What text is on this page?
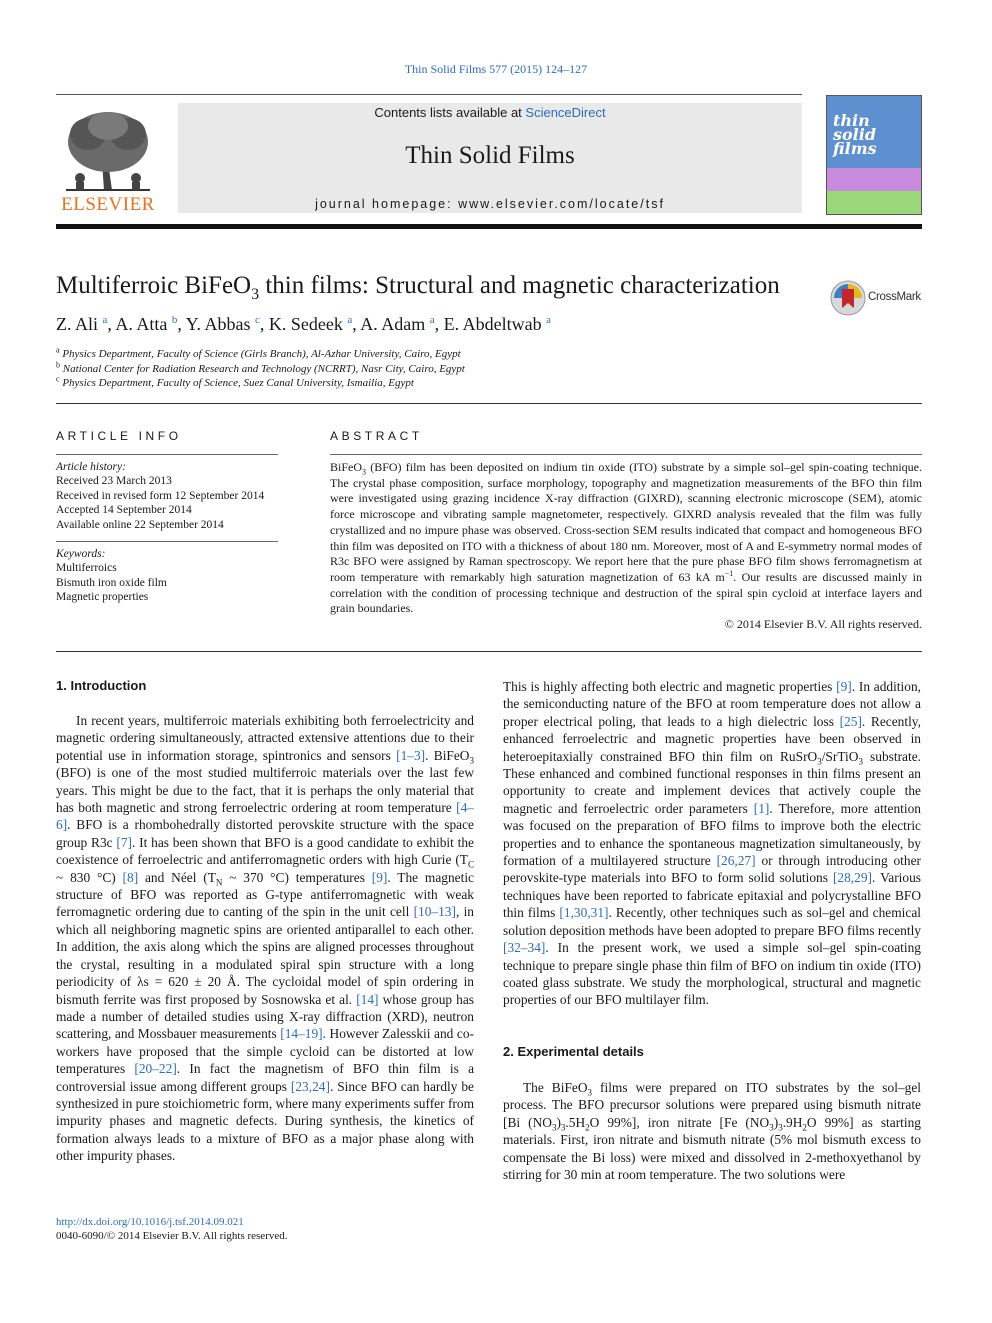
Thin Solid Films 577 (2015) 124–127
ELSEVIER
Contents lists available at ScienceDirect
Thin Solid Films
journal homepage: www.elsevier.com/locate/tsf
thin solid films
Multiferroic BiFeO$_3$ thin films: Structural and magnetic characterization	CrossMark
Z. Ali $^a$, A. Atta $^b$, Y. Abbas $^c$, K. Sedeek $^a$, A. Adam $^a$, E. Abdeltwab $^a$
$^a$ Physics Department, Faculty of Science (Girls Branch), Al-Azhar University, Cairo, Egypt
$^b$ National Center for Radiation Research and Technology (NCRRT), Nasr City, Cairo, Egypt
$^c$ Physics Department, Faculty of Science, Suez Canal University, Ismailia, Egypt
ARTICLE INFO
Article history:
Received 23 March 2013
Received in revised form 12 September 2014
Accepted 14 September 2014
Available online 22 September 2014
Keywords:
Multiferroics
Bismuth iron oxide film
Magnetic properties
ABSTRACT
BiFeO$_3$ (BFO) film has been deposited on indium tin oxide (ITO) substrate by a simple sol–gel spin-coating technique. The crystal phase composition, surface morphology, topography and magnetization measurements of the BFO thin film were investigated using grazing incidence X-ray diffraction (GIXRD), scanning electronic microscope (SEM), atomic force microscope and vibrating sample magnetometer, respectively. GIXRD analysis revealed that the film was fully crystallized and no impure phase was observed. Cross-section SEM results indicated that compact and homogeneous BFO thin film was deposited on ITO with a thickness of about 180 nm. Moreover, most of A and E-symmetry normal modes of R3c BFO were assigned by Raman spectroscopy. We report here that the pure phase BFO film shows ferromagnetism at room temperature with remarkably high saturation magnetization of 63 kA $m^{-1}$. Our results are discussed mainly in correlation with the condition of processing technique and destruction of the spiral spin cycloid at interface layers and grain boundaries.
© 2014 Elsevier B.V. All rights reserved.
1. Introduction

In recent years, multiferroic materials exhibiting both ferroelectricity and magnetic ordering simultaneously, attracted extensive attentions due to their potential use in information storage, spintronics and sensors [1–3]. BiFeO$_3$ (BFO) is one of the most studied multiferroic materials over the last few years. This might be due to the fact, that it is perhaps the only material that has both magnetic and strong ferroelectric ordering at room temperature [4–6]. BFO is a rhombohedrally distorted perovskite structure with the space group R3c [7]. It has been shown that BFO is a good candidate to exhibit the coexistence of ferroelectric and antiferromagnetic orders with high Curie ($T_C$ ~ 830 °C) [8] and Néel ($T_N$ ~ 370 °C) temperatures [9]. The magnetic structure of BFO was reported as G-type antiferromagnetic with weak ferromagnetic ordering due to canting of the spin in the unit cell [10–13], in which all neighboring magnetic spins are oriented antiparallel to each other. In addition, the axis along which the spins are aligned processes throughout the crystal, resulting in a modulated spiral spin structure with a long periodicity of λs = 620 ± 20 Å. The cycloidal model of spin ordering in bismuth ferrite was first proposed by Sosnowska et al. [14] whose group has made a number of detailed studies using X-ray diffraction (XRD), neutron scattering, and Mossbauer measurements [14–19]. However Zalesskii and co-workers have proposed that the simple cycloid can be distorted at low temperatures [20–22]. In fact the magnetism of BFO thin film is a controversial issue among different groups [23,24]. Since BFO can hardly be synthesized in pure stoichiometric form, where many experiments suffer from impurity phases and magnetic defects. During synthesis, the kinetics of formation always leads to a mixture of BFO as a major phase along with other impurity phases.

This is highly affecting both electric and magnetic properties [9]. In addition, the semiconducting nature of the BFO at room temperature does not allow a proper electrical poling, that leads to a high dielectric loss [25]. Recently, enhanced ferroelectric and magnetic properties have been observed in heteroepitaxially constrained BFO thin film on RuSrO$_3$/SrTiO$_3$ substrate. These enhanced and combined functional responses in thin films present an opportunity to create and implement devices that actively couple the magnetic and ferroelectric order parameters [1]. Therefore, more attention was focused on the preparation of BFO films to improve both the electric properties and to enhance the spontaneous magnetization simultaneously, by formation of a multilayered structure [26,27] or through introducing other perovskite-type materials into BFO to form solid solutions [28,29]. Various techniques have been reported to fabricate epitaxial and polycrystalline BFO thin films [1,30,31]. Recently, other techniques such as sol–gel and chemical solution deposition methods have been adopted to prepare BFO films recently [32–34]. In the present work, we used a simple sol–gel spin-coating technique to prepare single phase thin film of BFO on indium tin oxide (ITO) coated glass substrate. We study the morphological, structural and magnetic properties of our BFO multilayer film.

2. Experimental details

The BiFeO$_3$ films were prepared on ITO substrates by the sol–gel process. The BFO precursor solutions were prepared using bismuth nitrate [Bi $(NO_3)_3.5H_2O$ 99%], iron nitrate [Fe $(NO_3)_3.9H_2O$ 99%] as starting materials. First, iron nitrate and bismuth nitrate (5% mol bismuth excess to compensate the Bi loss) were mixed and dissolved in 2-methoxyethanol by stirring for 30 min at room temperature. The two solutions were

http://dx.doi.org/10.1016/j.tsf.2014.09.021
0040-6090/© 2014 Elsevier B.V. All rights reserved.
